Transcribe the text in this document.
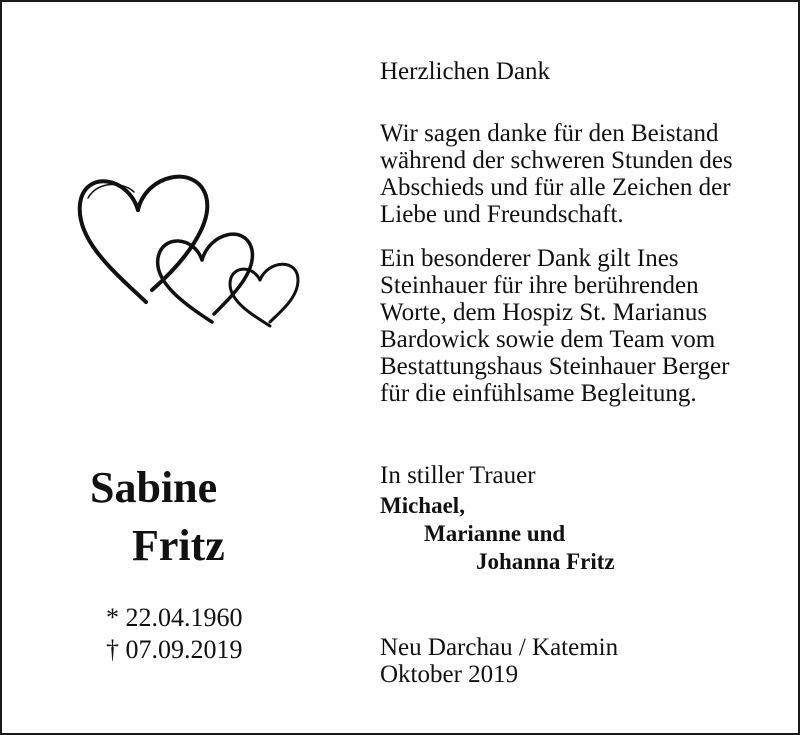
Sabine
Fritz
* 22.04.1960
† 07.09.2019
Herzlichen Dank
Wir sagen danke für den Beistand
während der schweren Stunden des
Abschieds und für alle Zeichen der
Liebe und Freundschaft.
Ein besonderer Dank gilt Ines
Steinhauer für ihre berührenden
Worte, dem Hospiz St. Marianus
Bardowick sowie dem Team vom
Bestattungshaus Steinhauer Berger
für die einfühlsame Begleitung.
In stiller Trauer
Michael,
Marianne und
Johanna Fritz
Neu Darchau / Katemin
Oktober 2019
